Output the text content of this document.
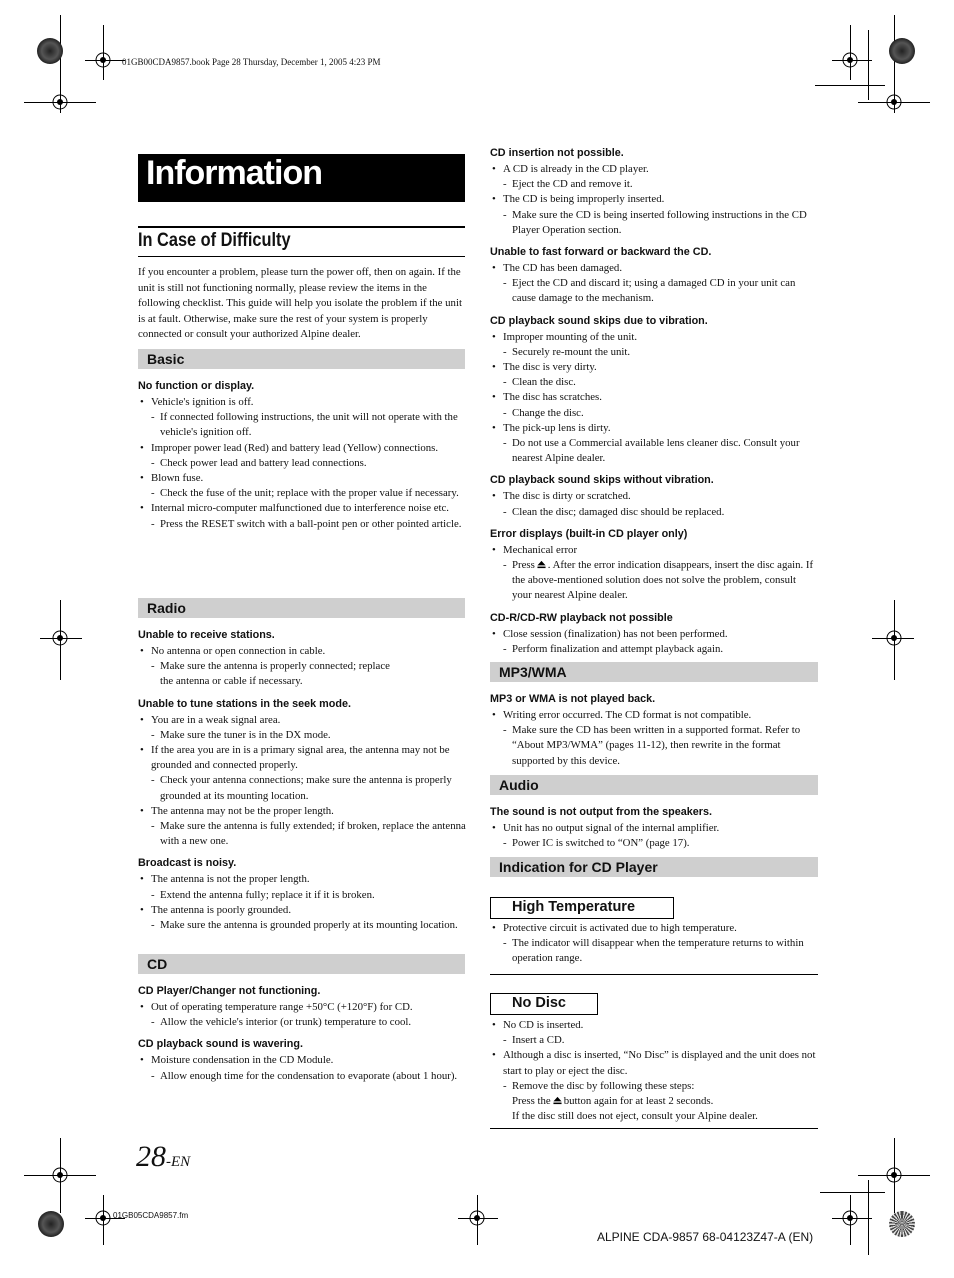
01GB00CDA9857.book Page 28 Thursday, December 1, 2005 4:23 PM
Information
In Case of Difficulty
If you encounter a problem, please turn the power off, then on again. If the unit is still not functioning normally, please review the items in the following checklist. This guide will help you isolate the problem if the unit is at fault. Otherwise, make sure the rest of your system is properly connected or consult your authorized Alpine dealer.
Basic
No function or display.
• Vehicle's ignition is off.
- If connected following instructions, the unit will not operate with the vehicle's ignition off.
• Improper power lead (Red) and battery lead (Yellow) connections.
- Check power lead and battery lead connections.
• Blown fuse.
- Check the fuse of the unit; replace with the proper value if necessary.
• Internal micro-computer malfunctioned due to interference noise etc.
- Press the RESET switch with a ball-point pen or other pointed article.
Radio
Unable to receive stations.
• No antenna or open connection in cable.
- Make sure the antenna is properly connected; replace the antenna or cable if necessary.
Unable to tune stations in the seek mode.
• You are in a weak signal area.
- Make sure the tuner is in the DX mode.
• If the area you are in is a primary signal area, the antenna may not be grounded and connected properly.
- Check your antenna connections; make sure the antenna is properly grounded at its mounting location.
• The antenna may not be the proper length.
- Make sure the antenna is fully extended; if broken, replace the antenna with a new one.
Broadcast is noisy.
• The antenna is not the proper length.
- Extend the antenna fully; replace it if it is broken.
• The antenna is poorly grounded.
- Make sure the antenna is grounded properly at its mounting location.
CD
CD Player/Changer not functioning.
• Out of operating temperature range +50°C (+120°F) for CD.
- Allow the vehicle's interior (or trunk) temperature to cool.
CD playback sound is wavering.
• Moisture condensation in the CD Module.
- Allow enough time for the condensation to evaporate (about 1 hour).
CD insertion not possible.
• A CD is already in the CD player.
- Eject the CD and remove it.
• The CD is being improperly inserted.
- Make sure the CD is being inserted following instructions in the CD Player Operation section.
Unable to fast forward or backward the CD.
• The CD has been damaged.
- Eject the CD and discard it; using a damaged CD in your unit can cause damage to the mechanism.
CD playback sound skips due to vibration.
• Improper mounting of the unit.
- Securely re-mount the unit.
• The disc is very dirty.
- Clean the disc.
• The disc has scratches.
- Change the disc.
• The pick-up lens is dirty.
- Do not use a Commercial available lens cleaner disc. Consult your nearest Alpine dealer.
CD playback sound skips without vibration.
• The disc is dirty or scratched.
- Clean the disc; damaged disc should be replaced.
Error displays (built-in CD player only)
• Mechanical error
- Press . After the error indication disappears, insert the disc again. If the above-mentioned solution does not solve the problem, consult your nearest Alpine dealer.
CD-R/CD-RW playback not possible
• Close session (finalization) has not been performed.
- Perform finalization and attempt playback again.
MP3/WMA
MP3 or WMA is not played back.
• Writing error occurred. The CD format is not compatible.
- Make sure the CD has been written in a supported format. Refer to “About MP3/WMA” (pages 11-12), then rewrite in the format supported by this device.
Audio
The sound is not output from the speakers.
• Unit has no output signal of the internal amplifier.
- Power IC is switched to “ON” (page 17).
Indication for CD Player
High Temperature
• Protective circuit is activated due to high temperature.
- The indicator will disappear when the temperature returns to within operation range.
No Disc
• No CD is inserted.
- Insert a CD.
• Although a disc is inserted, “No Disc” is displayed and the unit does not start to play or eject the disc.
- Remove the disc by following these steps:
Press the button again for at least 2 seconds.
If the disc still does not eject, consult your Alpine dealer.
28-EN
01GB05CDA9857.fm
ALPINE CDA-9857 68-04123Z47-A (EN)
